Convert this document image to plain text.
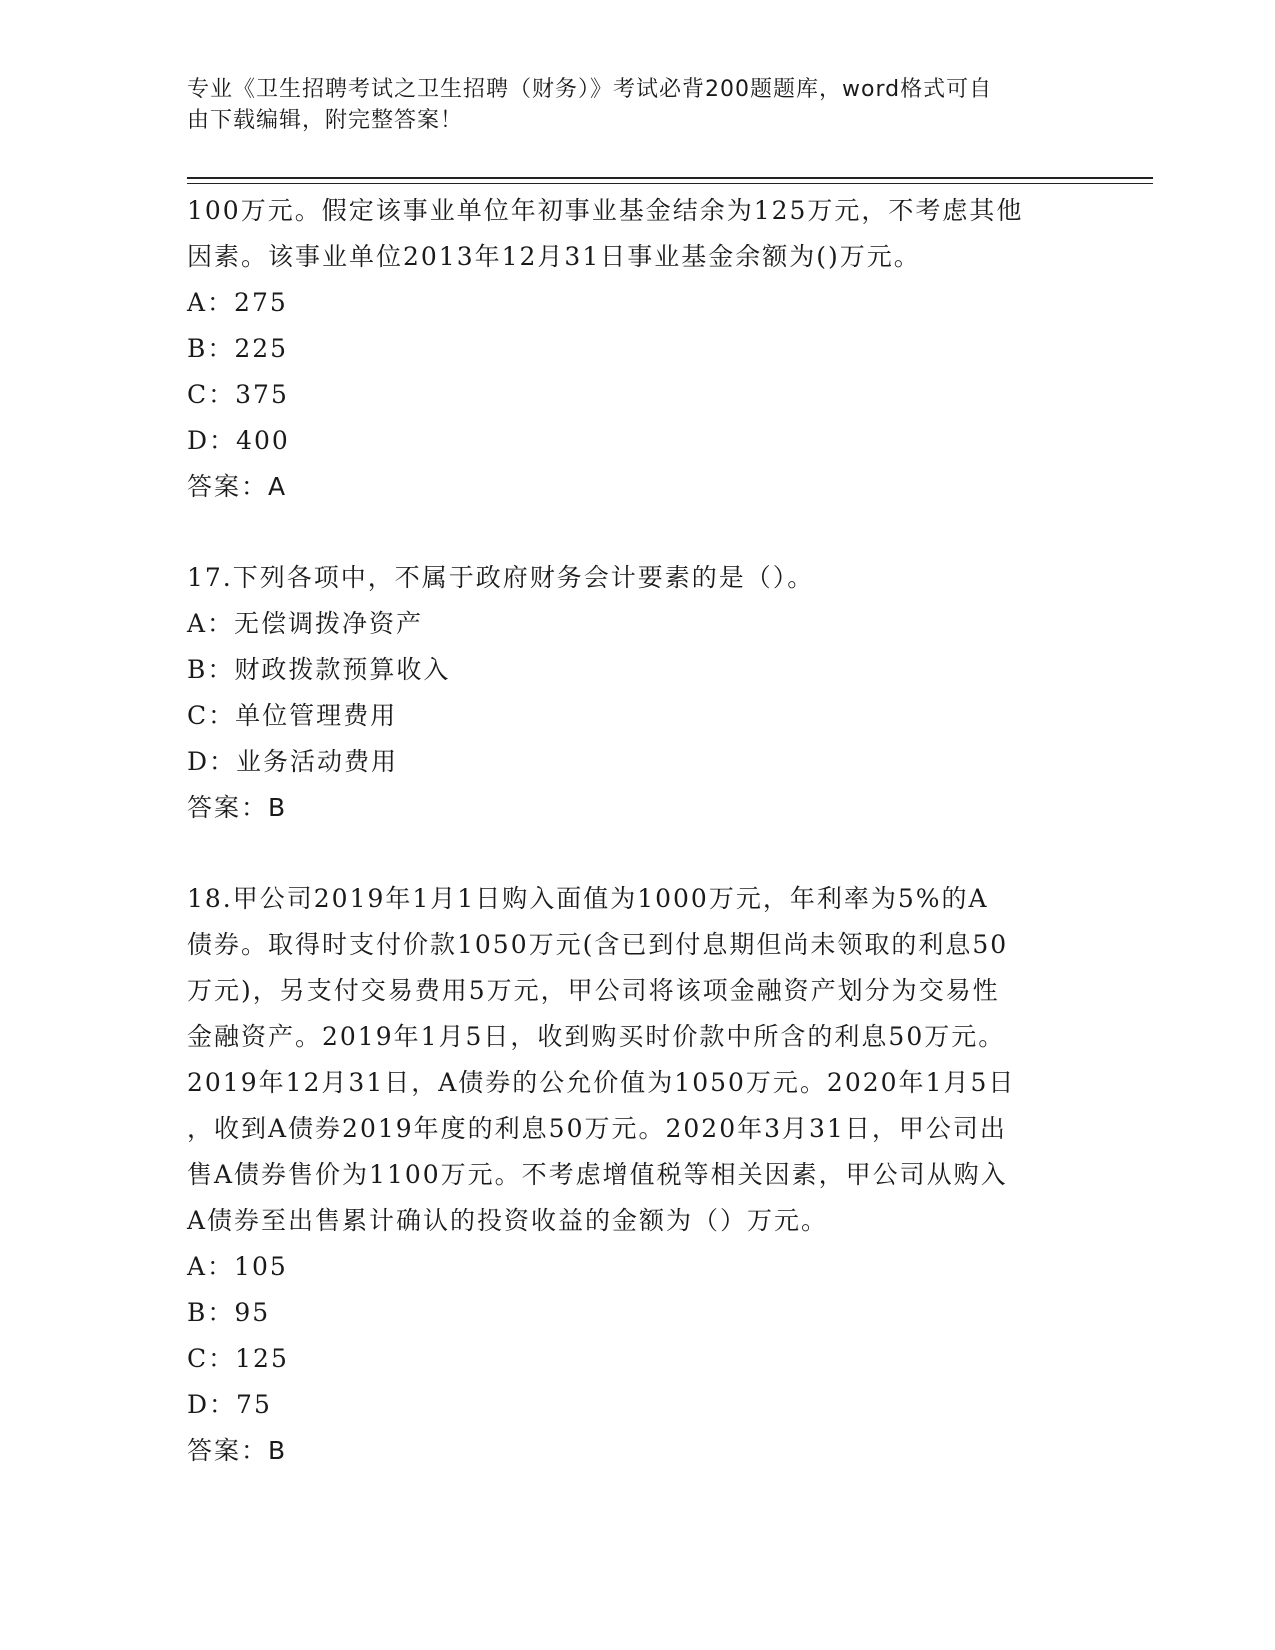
专业《卫生招聘考试之卫生招聘（财务）》考试必背200题题库，word格式可自
由下载编辑，附完整答案！
100万元。假定该事业单位年初事业基金结余为125万元，不考虑其他
因素。该事业单位2013年12月31日事业基金余额为()万元。
A：275
B：225
C：375
D：400
答案：A
17.下列各项中，不属于政府财务会计要素的是（）。
A：无偿调拨净资产
B：财政拨款预算收入
C：单位管理费用
D：业务活动费用
答案：B
18.甲公司2019年1月1日购入面值为1000万元，年利率为5%的A
债券。取得时支付价款1050万元(含已到付息期但尚未领取的利息50
万元)，另支付交易费用5万元，甲公司将该项金融资产划分为交易性
金融资产。2019年1月5日，收到购买时价款中所含的利息50万元。
2019年12月31日，A债券的公允价值为1050万元。2020年1月5日
，收到A债券2019年度的利息50万元。2020年3月31日，甲公司出
售A债券售价为1100万元。不考虑增值税等相关因素，甲公司从购入
A债券至出售累计确认的投资收益的金额为（）万元。
A：105
B：95
C：125
D：75
答案：B
